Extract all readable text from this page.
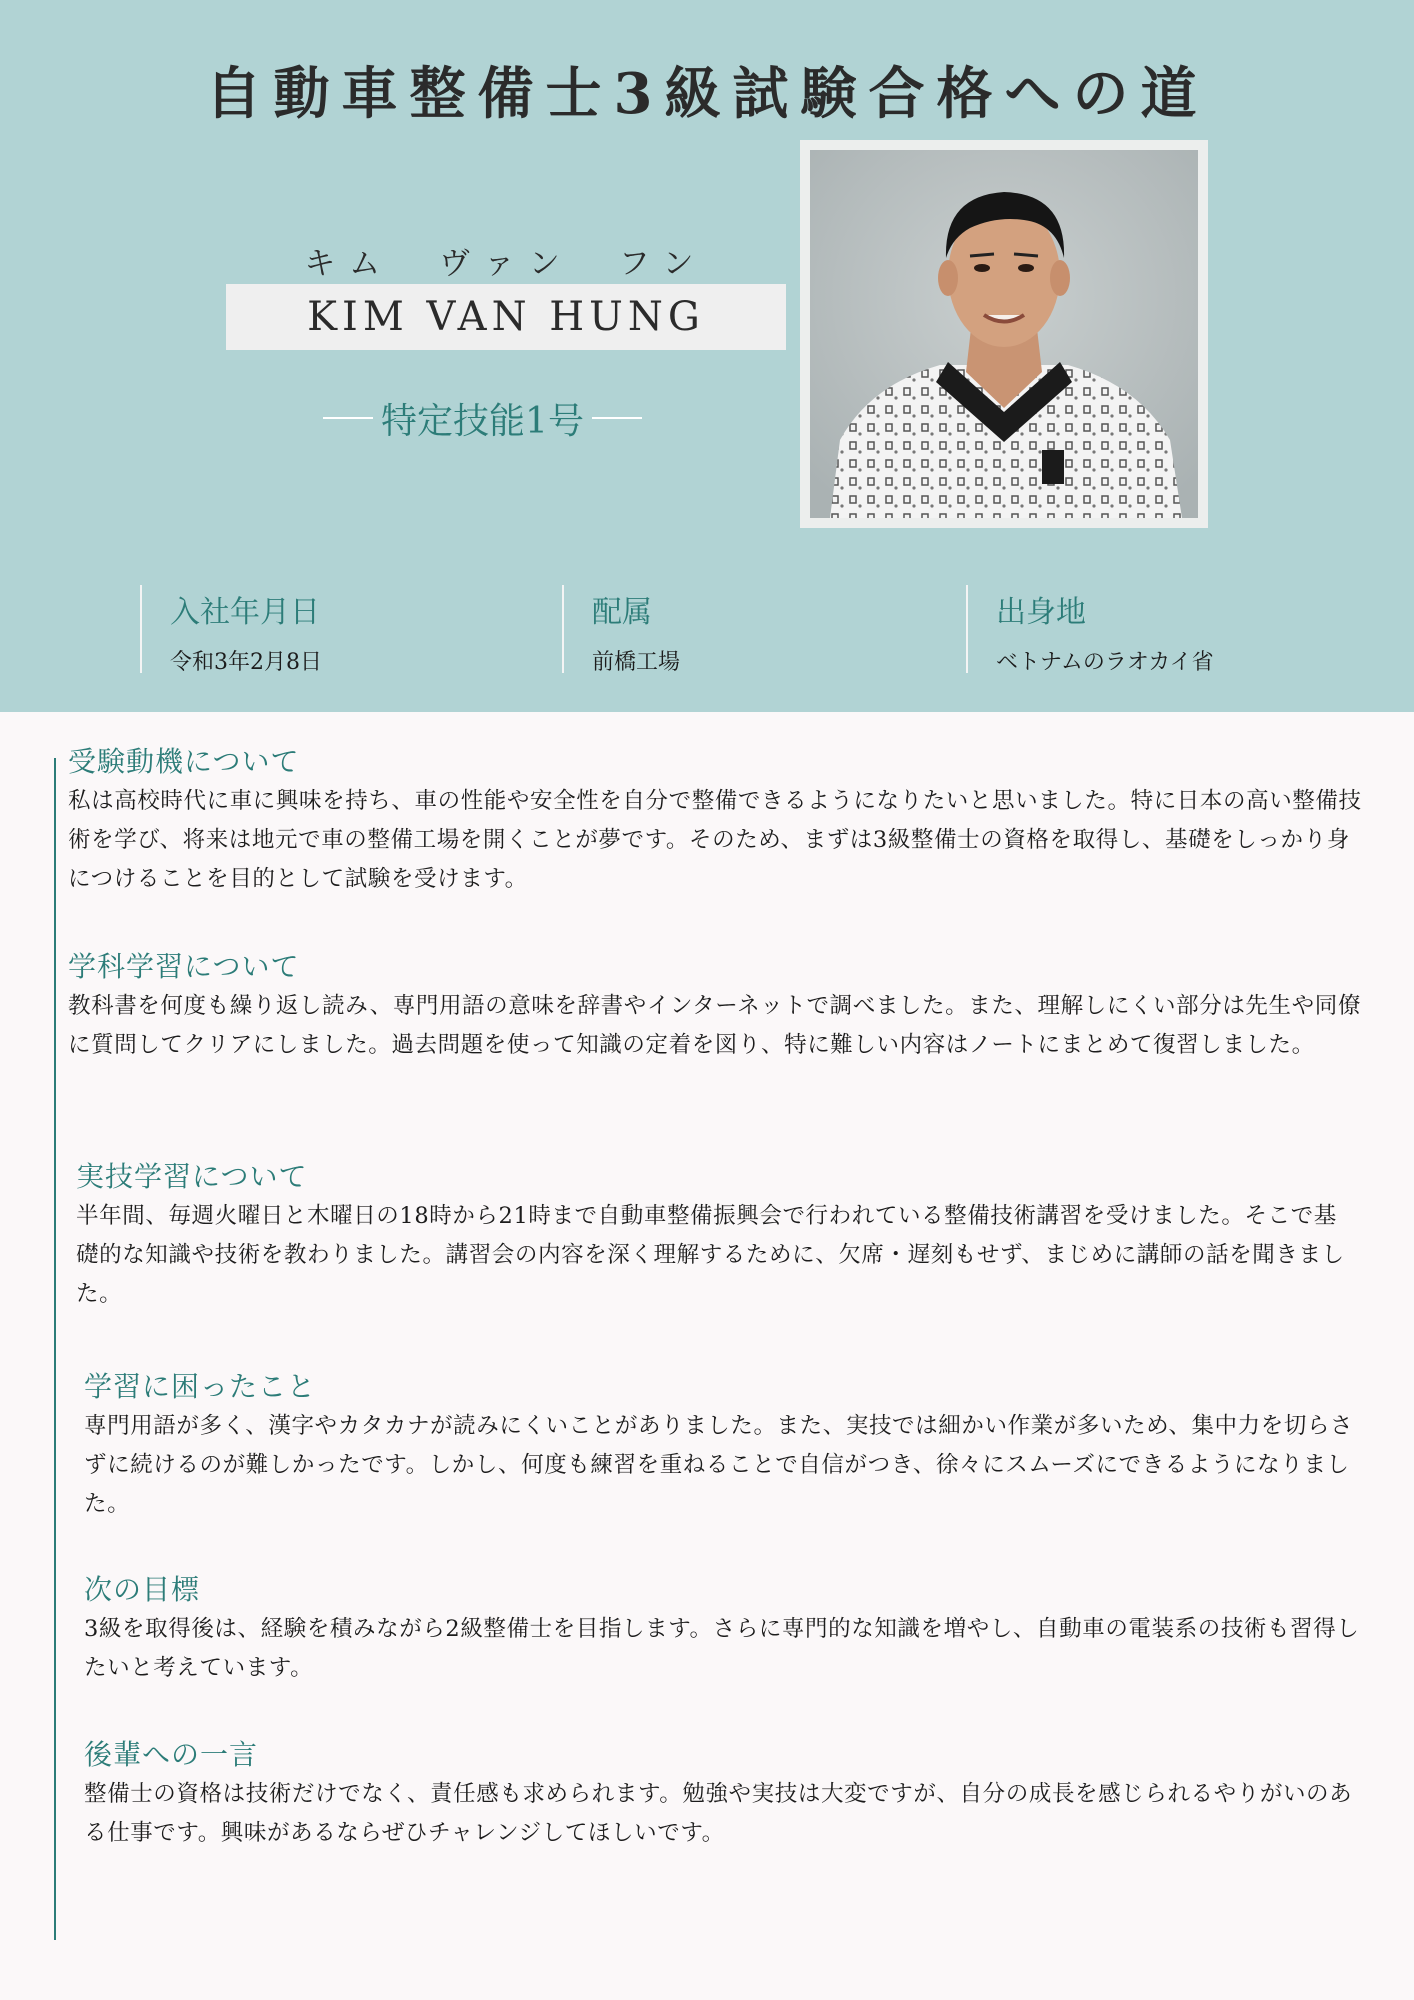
自動車整備士3級試験合格への道
キム　ヴァン　フン
KIM VAN HUNG
特定技能1号
入社年月日
令和3年2月8日
配属
前橋工場
出身地
ベトナムのラオカイ省
受験動機について
私は高校時代に車に興味を持ち、車の性能や安全性を自分で整備できるようになりたいと思いました。特に日本の高い整備技術を学び、将来は地元で車の整備工場を開くことが夢です。そのため、まずは3級整備士の資格を取得し、基礎をしっかり身につけることを目的として試験を受けます。
学科学習について
教科書を何度も繰り返し読み、専門用語の意味を辞書やインターネットで調べました。また、理解しにくい部分は先生や同僚に質問してクリアにしました。過去問題を使って知識の定着を図り、特に難しい内容はノートにまとめて復習しました。
実技学習について
半年間、毎週火曜日と木曜日の18時から21時まで自動車整備振興会で行われている整備技術講習を受けました。そこで基礎的な知識や技術を教わりました。講習会の内容を深く理解するために、欠席・遅刻もせず、まじめに講師の話を聞きました。
学習に困ったこと
専門用語が多く、漢字やカタカナが読みにくいことがありました。また、実技では細かい作業が多いため、集中力を切らさずに続けるのが難しかったです。しかし、何度も練習を重ねることで自信がつき、徐々にスムーズにできるようになりました。
次の目標
3級を取得後は、経験を積みながら2級整備士を目指します。さらに専門的な知識を増やし、自動車の電装系の技術も習得したいと考えています。
後輩への一言
整備士の資格は技術だけでなく、責任感も求められます。勉強や実技は大変ですが、自分の成長を感じられるやりがいのある仕事です。興味があるならぜひチャレンジしてほしいです。
